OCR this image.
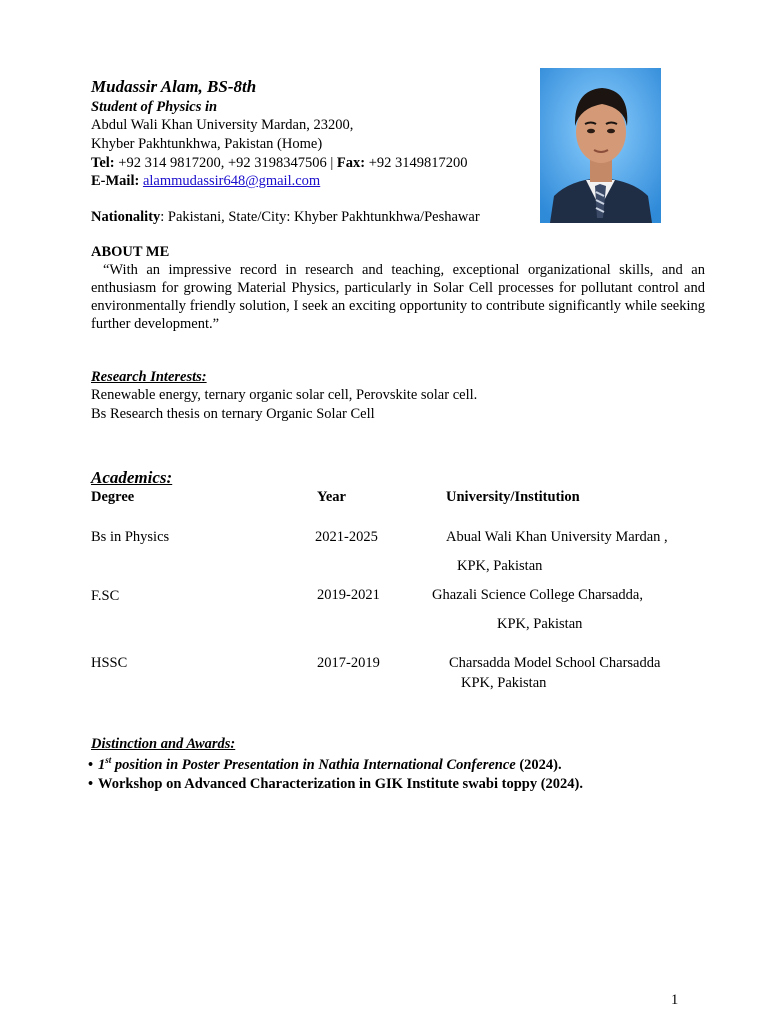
Mudassir Alam, BS-8th
Student of Physics in
Abdul Wali Khan University Mardan, 23200,
Khyber Pakhtunkhwa, Pakistan (Home)
Tel: +92 314 9817200, +92 3198347506 | Fax: +92 3149817200
E-Mail: alammudassir648@gmail.com
Nationality: Pakistani, State/City: Khyber Pakhtunkhwa/Peshawar
ABOUT ME
“With an impressive record in research and teaching, exceptional organizational skills, and an enthusiasm for growing Material Physics, particularly in Solar Cell processes for pollutant control and environmentally friendly solution, I seek an exciting opportunity to contribute significantly while seeking further development.”
Research Interests:
Renewable energy, ternary organic solar cell, Perovskite solar cell.
Bs Research thesis on ternary Organic Solar Cell
Academics:
Degree	Year	University/Institution
Bs in Physics	2021-2025	Abual Wali Khan University Mardan ,
KPK, Pakistan
F.SC	2019-2021	Ghazali Science College Charsadda,
KPK, Pakistan
HSSC	2017-2019	Charsadda Model School Charsadda
KPK, Pakistan
Distinction and Awards:
• 1st position in Poster Presentation in Nathia International Conference (2024).
• Workshop on Advanced Characterization in GIK Institute swabi toppy (2024).
1
